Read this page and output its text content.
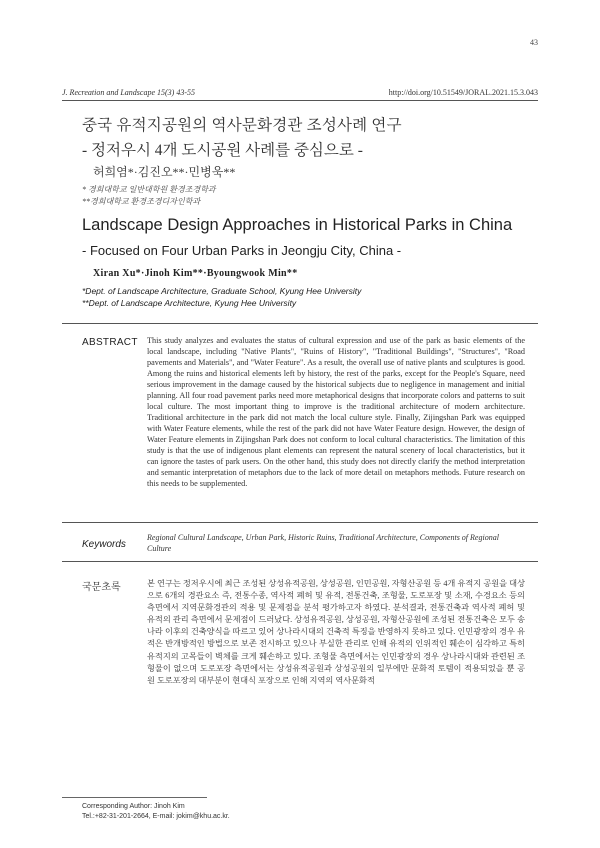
43
J. Recreation and Landscape 15(3) 43-55	http://doi.org/10.51549/JORAL.2021.15.3.043
중국 유적지공원의 역사문화경관 조성사례 연구
- 정저우시 4개 도시공원 사례를 중심으로 -
허희염*·김진오**·민병욱**
* 경희대학교 일반대학원 환경조경학과
**경희대학교 환경조경디자인학과
Landscape Design Approaches in Historical Parks in China
- Focused on Four Urban Parks in Jeongju City, China -
Xiran Xu*·Jinoh Kim**·Byoungwook Min**
*Dept. of Landscape Architecture, Graduate School, Kyung Hee University
**Dept. of Landscape Architecture, Kyung Hee University
ABSTRACT This study analyzes and evaluates the status of cultural expression and use of the park as basic elements of the local landscape, including "Native Plants", "Ruins of History", "Traditional Buildings", "Structures", "Road pavements and Materials", and "Water Feature". As a result, the overall use of native plants and sculptures is good. Among the ruins and historical elements left by history, the rest of the parks, except for the People's Square, need serious improvement in the damage caused by the historical subjects due to negligence in management and initial planning. All four road pavement parks need more metaphorical designs that incorporate colors and patterns to suit local culture. The most important thing to improve is the traditional architecture of modern architecture. Traditional architecture in the park did not match the local culture style. Finally, Zijingshan Park was equipped with Water Feature elements, while the rest of the park did not have Water Feature design. However, the design of Water Feature elements in Zijingshan Park does not conform to local cultural characteristics. The limitation of this study is that the use of indigenous plant elements can represent the natural scenery of local characteristics, but it can ignore the tastes of park users. On the other hand, this study does not directly clarify the method interpretation and semantic interpretation of metaphors due to the lack of more detail on metaphors methods. Future research on this needs to be supplemented.
Keywords
Regional Cultural Landscape, Urban Park, Historic Ruins, Traditional Architecture, Components of Regional Culture
국문초록	본 연구는 정저우시에 최근 조성된 상성유적공원, 상성공원, 인민공원, 자형산공원 등 4개 유적지 공원을 대상으로 6개의 경관요소 즉, 전통수종, 역사적 폐허 및 유적, 전통건축, 조형물, 도로포장 및 소재, 수경요소 등의 측면에서 지역문화경관의 적용 및 문제점을 분석 평가하고자 하였다. 분석결과, 전통건축과 역사적 폐허 및 유적의 관리 측면에서 문제점이 드러났다. 상성유적공원, 상성공원, 자형산공원에 조성된 전통건축은 모두 송나라 이후의 건축양식을 따르고 있어 상나라시대의 건축적 특징을 반영하지 못하고 있다. 인민광장의 경우 유적은 반개방적인 방법으로 보존 전시하고 있으나 부실한 관리로 인해 유적의 인위적인 훼손이 심각하고 특히 유적지의 고목들이 벽체를 크게 훼손하고 있다. 조형물 측면에서는 인민광장의 경우 상나라시대와 관련된 조형물이 없으며 도로포장 측면에서는 상성유적공원과 상성공원의 일부에만 문화적 토템이 적용되었을 뿐 공원 도로포장의 대부분이 현대식 포장으로 인해 지역의 역사문화적
Corresponding Author: Jinoh Kim
Tel.:+82-31-201-2664, E-mail: jokim@khu.ac.kr.
